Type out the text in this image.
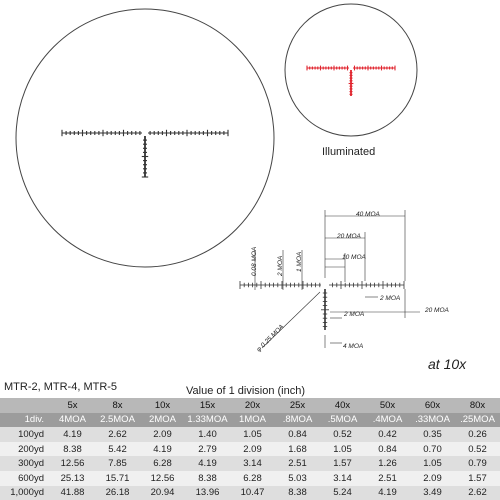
40 MOA
20 MOA
10 MOA
0.08 MOA	2 MOA 1 MOA
2 MOA
20 MOA
2 MOA
φ 0.25 MOA	4 MOA
Illuminated
at 10x
MTR-2, MTR-4, MTR-5	Value of 1 division (inch)
	5x	8x	10x	15x	20x	25x	40x	50x	60x	80x
1div.	4MOA	2.5MOA	2MOA	1.33MOA	1MOA	.8MOA	.5MOA	.4MOA	.33MOA	.25MOA
100yd	4.19	2.62	2.09	1.40	1.05	0.84	0.52	0.42	0.35	0.26
200yd	8.38	5.42	4.19	2.79	2.09	1.68	1.05	0.84	0.70	0.52
300yd	12.56	7.85	6.28	4.19	3.14	2.51	1.57	1.26	1.05	0.79
600yd	25.13	15.71	12.56	8.38	6.28	5.03	3.14	2.51	2.09	1.57
1,000yd	41.88	26.18	20.94	13.96	10.47	8.38	5.24	4.19	3.49	2.62
